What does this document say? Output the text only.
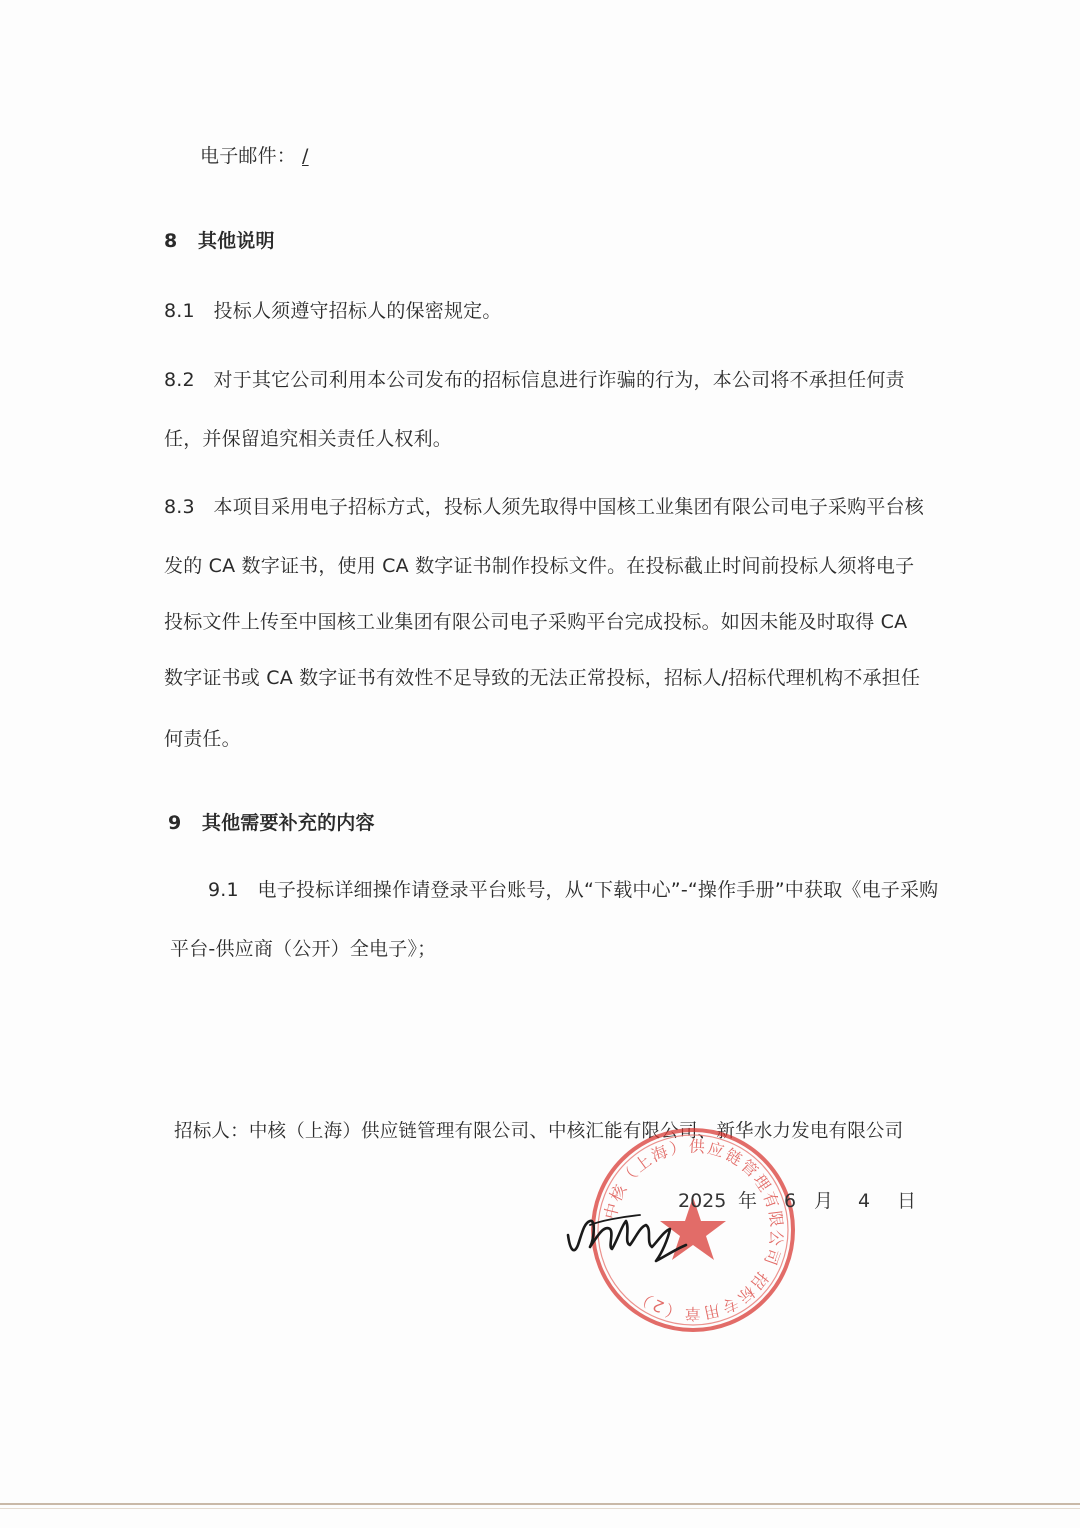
电子邮件： /
8 其他说明
8.1 投标人须遵守招标人的保密规定。
8.2 对于其它公司利用本公司发布的招标信息进行诈骗的行为，本公司将不承担任何责
任，并保留追究相关责任人权利。
8.3 本项目采用电子招标方式，投标人须先取得中国核工业集团有限公司电子采购平台核
发的 CA 数字证书，使用 CA 数字证书制作投标文件。在投标截止时间前投标人须将电子
投标文件上传至中国核工业集团有限公司电子采购平台完成投标。如因未能及时取得 CA
数字证书或 CA 数字证书有效性不足导致的无法正常投标，招标人/招标代理机构不承担任
何责任。
9 其他需要补充的内容
9.1 电子投标详细操作请登录平台账号，从“下载中心”-“操作手册”中获取《电子采购
平台-供应商（公开）全电子》；
招标人：中核（上海）供应链管理有限公司、中核汇能有限公司、新华水力发电有限公司
中核（上海）供应链管理有限公司 招标专用章（2）
2025 年 6 月 4 日
